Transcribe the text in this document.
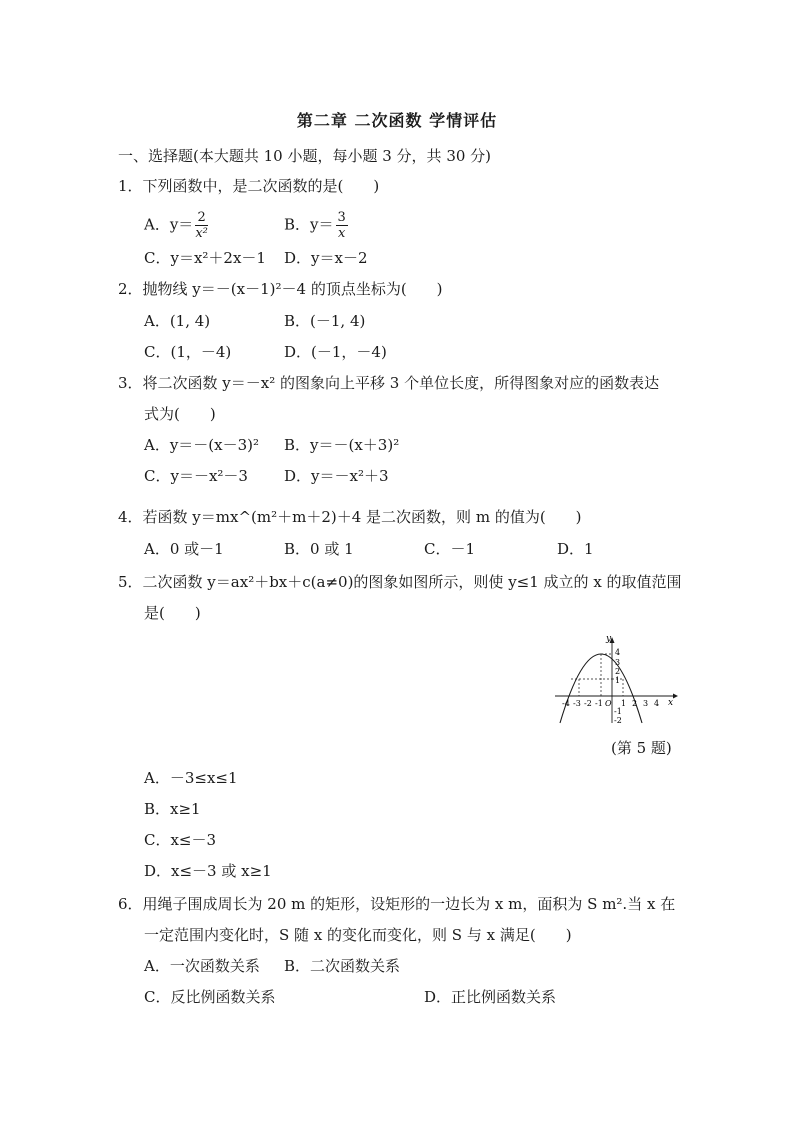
第二章 二次函数 学情评估
一、选择题(本大题共 10 小题，每小题 3 分，共 30 分)
1．下列函数中，是二次函数的是(　　)
A．$y= \frac{2}{\text{x²}}$	B．$y= \frac{3}{x}$
C．y＝x²＋2x－1 D．y＝x－2
2．抛物线 y＝－(x－1)²－4 的顶点坐标为(　　)
A．(1, 4)	B．(－1, 4)
C．(1，－4)	D．(－1，－4)
3．将二次函数 y＝－x² 的图象向上平移 3 个单位长度，所得图象对应的函数表达
式为(　　)
A．y＝－(x－3)² B．y＝－(x＋3)²
C．y＝－x²－3 D．y＝－x²＋3
4．若函数 y＝mx^(m²＋m＋2)＋4 是二次函数，则 m 的值为(　　)
A．0 或－1	B．0 或 1	C．－1	D．1
5．二次函数 y＝ax²＋bx＋c(a≠0)的图象如图所示，则使 y≤1 成立的 x 的取值范围
是(　　)
y
x
O
-4 -3 -2 -1 1 2 3 4
4
3
2
1
-1
-2
(第 5 题)
A．－3≤x≤1
B．x≥1
C．x≤－3
D．x≤－3 或 x≥1
6．用绳子围成周长为 20 m 的矩形，设矩形的一边长为 x m，面积为 S m².当 x 在
一定范围内变化时，S 随 x 的变化而变化，则 S 与 x 满足(　　)
A．一次函数关系 B．二次函数关系
C．反比例函数关系	D．正比例函数关系
